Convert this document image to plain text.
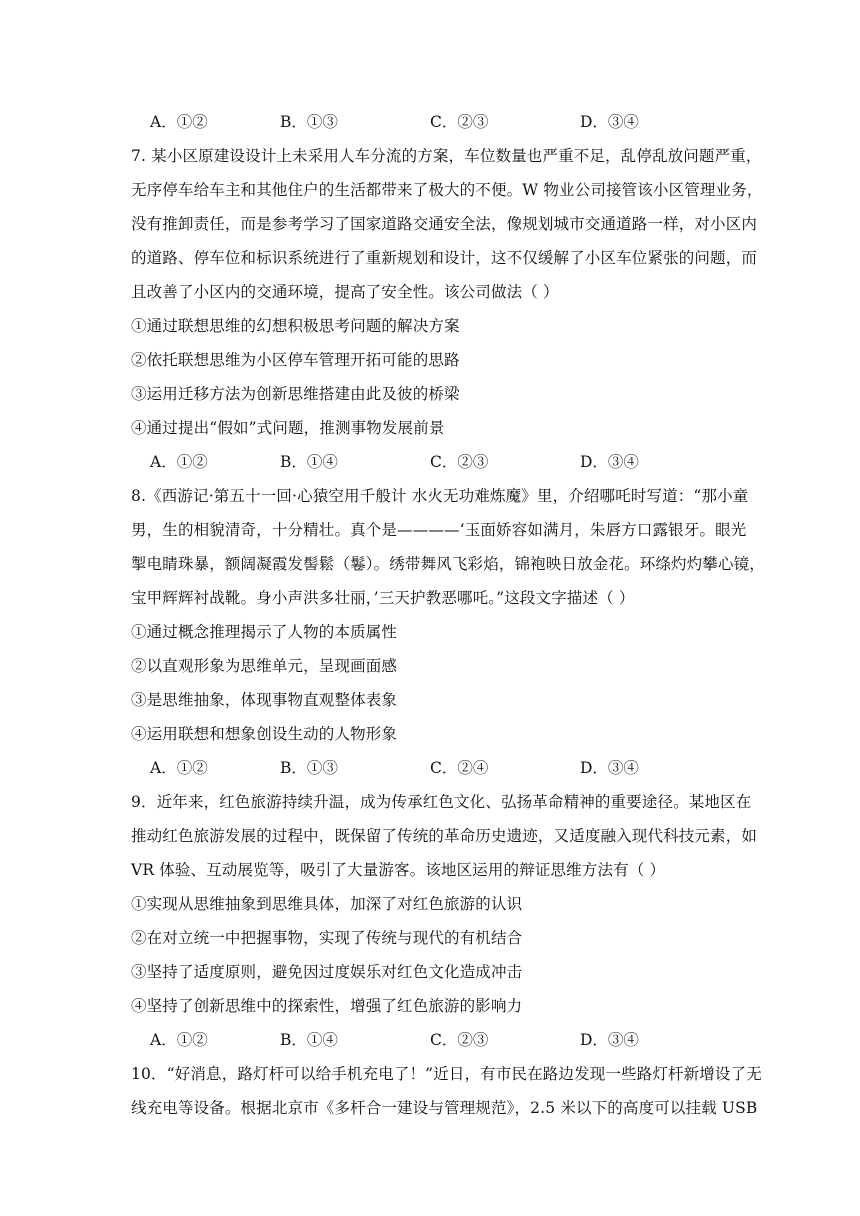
A．①②	B．①③	C．②③	D．③④
7. 某小区原建设设计上未采用人车分流的方案，车位数量也严重不足，乱停乱放问题严重，
无序停车给车主和其他住户的生活都带来了极大的不便。W 物业公司接管该小区管理业务，
没有推卸责任，而是参考学习了国家道路交通安全法，像规划城市交通道路一样，对小区内
的道路、停车位和标识系统进行了重新规划和设计，这不仅缓解了小区车位紧张的问题，而
且改善了小区内的交通环境，提高了安全性。该公司做法（ ）
①通过联想思维的幻想积极思考问题的解决方案
②依托联想思维为小区停车管理开拓可能的思路
③运用迁移方法为创新思维搭建由此及彼的桥梁
④通过提出“假如”式问题，推测事物发展前景
A．①②	B．①④	C．②③	D．③④
8.《西游记·第五十一回·心猿空用千般计 水火无功难炼魔》里，介绍哪吒时写道：“那小童
男，生的相貌清奇，十分精壮。真个是————‘玉面娇容如满月，朱唇方口露银牙。眼光
掣电睛珠暴，额阔凝霞发髻鬆（鬈）。绣带舞风飞彩焰，锦袍映日放金花。环绦灼灼攀心镜，
宝甲辉辉衬战靴。身小声洪多壮丽，’三天护教恶哪吒。”这段文字描述（ ）
①通过概念推理揭示了人物的本质属性
②以直观形象为思维单元，呈现画面感
③是思维抽象，体现事物直观整体表象
④运用联想和想象创设生动的人物形象
A．①②	B．①③	C．②④	D．③④
9．近年来，红色旅游持续升温，成为传承红色文化、弘扬革命精神的重要途径。某地区在
推动红色旅游发展的过程中，既保留了传统的革命历史遗迹，又适度融入现代科技元素，如
VR 体验、互动展览等，吸引了大量游客。该地区运用的辩证思维方法有（ ）
①实现从思维抽象到思维具体，加深了对红色旅游的认识
②在对立统一中把握事物，实现了传统与现代的有机结合
③坚持了适度原则，避免因过度娱乐对红色文化造成冲击
④坚持了创新思维中的探索性，增强了红色旅游的影响力
A．①②	B．①④	C．②③	D．③④
10．“好消息，路灯杆可以给手机充电了！”近日，有市民在路边发现一些路灯杆新增设了无
线充电等设备。根据北京市《多杆合一建设与管理规范》，2.5 米以下的高度可以挂载 USB
